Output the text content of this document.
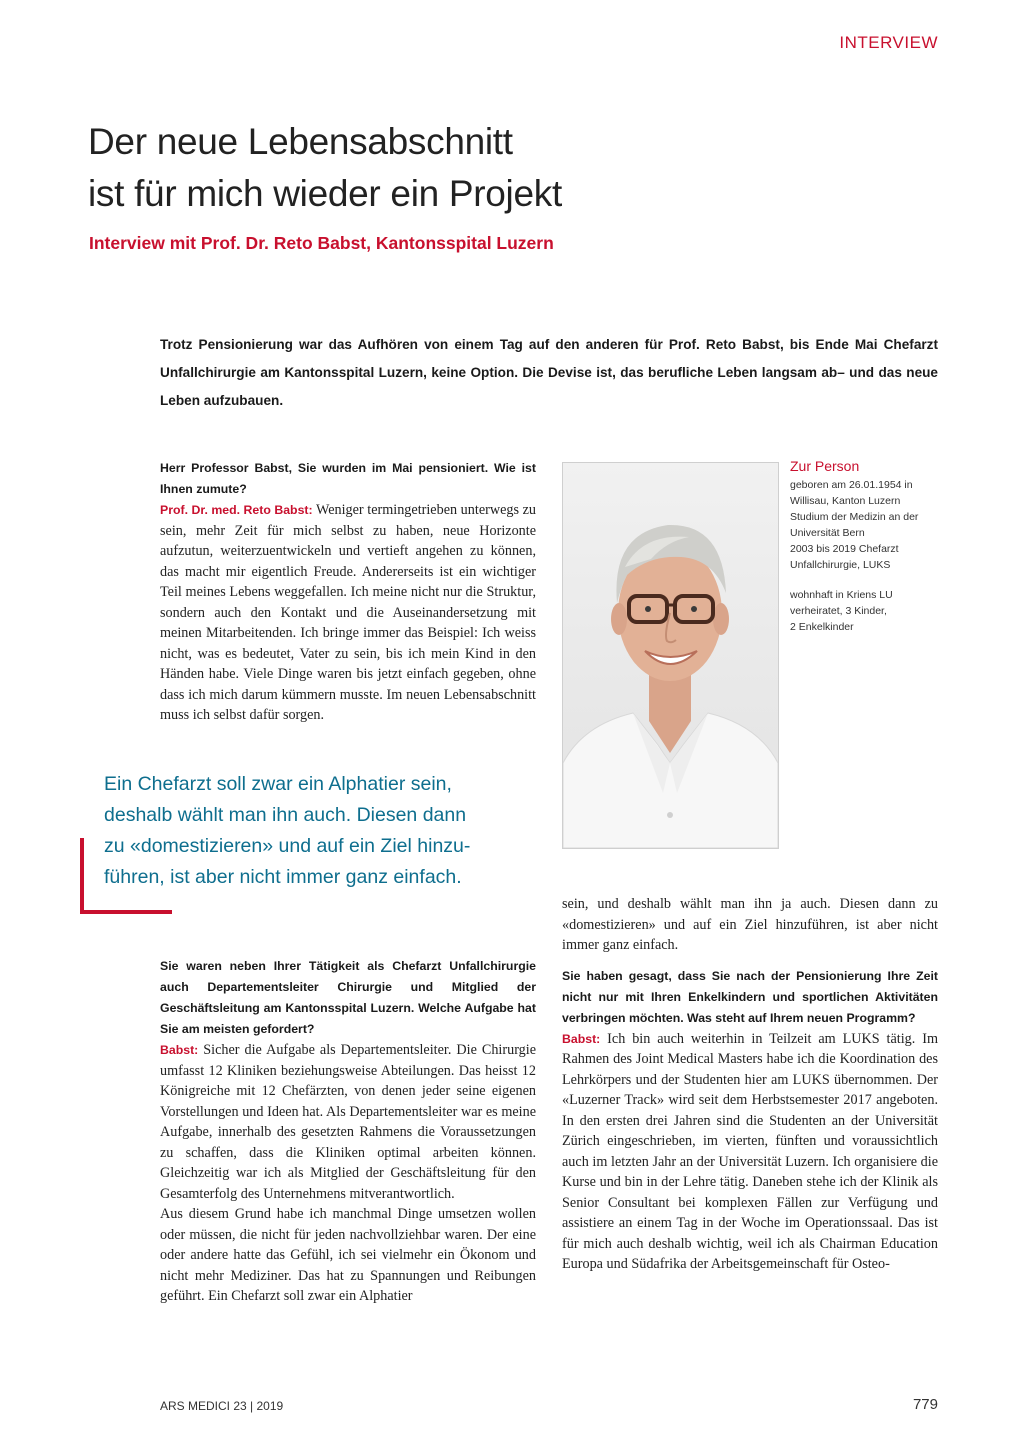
INTERVIEW
Der neue Lebensabschnitt
ist für mich wieder ein Projekt
Interview mit Prof. Dr. Reto Babst, Kantonsspital Luzern
Trotz Pensionierung war das Aufhören von einem Tag auf den anderen für Prof. Reto Babst, bis Ende Mai Chefarzt Unfallchirurgie am Kantonsspital Luzern, keine Option. Die Devise ist, das berufliche Leben langsam ab– und das neue Leben aufzubauen.

Herr Professor Babst, Sie wurden im Mai pensioniert. Wie ist Ihnen zumute?

Prof. Dr. med. Reto Babst: Weniger termingetrieben unterwegs zu sein, mehr Zeit für mich selbst zu haben, neue Horizonte aufzutun, weiterzuentwickeln und vertieft angehen zu können, das macht mir eigentlich Freude. Andererseits ist ein wichtiger Teil meines Lebens weggefallen. Ich meine nicht nur die Struktur, sondern auch den Kontakt und die Auseinandersetzung mit meinen Mitarbeitenden. Ich bringe immer das Beispiel: Ich weiss nicht, was es bedeutet, Vater zu sein, bis ich mein Kind in den Händen habe. Viele Dinge waren bis jetzt einfach gegeben, ohne dass ich mich darum kümmern musste. Im neuen Lebensabschnitt muss ich selbst dafür sorgen.

Zur Person
geboren am 26.01.1954 in
Willisau, Kanton Luzern
Studium der Medizin an der
Universität Bern
2003 bis 2019 Chefarzt
Unfallchirurgie, LUKS
wohnhaft in Kriens LU
verheiratet, 3 Kinder,
2 Enkelkinder
Ein Chefarzt soll zwar ein Alphatier sein,
deshalb wählt man ihn auch. Diesen dann
zu «domestizieren» und auf ein Ziel hinzu-
führen, ist aber nicht immer ganz einfach.

Sie waren neben Ihrer Tätigkeit als Chefarzt Unfallchirurgie auch Departementsleiter Chirurgie und Mitglied der Geschäftsleitung am Kantonsspital Luzern. Welche Aufgabe hat Sie am meisten gefordert?

Babst: Sicher die Aufgabe als Departementsleiter. Die Chirurgie umfasst 12 Kliniken beziehungsweise Abteilungen. Das heisst 12 Königreiche mit 12 Chefärzten, von denen jeder seine eigenen Vorstellungen und Ideen hat. Als Departementsleiter war es meine Aufgabe, innerhalb des gesetzten Rahmens die Voraussetzungen zu schaffen, dass die Kliniken optimal arbeiten können. Gleichzeitig war ich als Mitglied der Geschäftsleitung für den Gesamterfolg des Unternehmens mitverantwortlich.

Aus diesem Grund habe ich manchmal Dinge umsetzen wollen oder müssen, die nicht für jeden nachvollziehbar waren. Der eine oder andere hatte das Gefühl, ich sei vielmehr ein Ökonom und nicht mehr Mediziner. Das hat zu Spannungen und Reibungen geführt. Ein Chefarzt soll zwar ein Alphatier

sein, und deshalb wählt man ihn ja auch. Diesen dann zu «domestizieren» und auf ein Ziel hinzuführen, ist aber nicht immer ganz einfach.

Sie haben gesagt, dass Sie nach der Pensionierung Ihre Zeit nicht nur mit Ihren Enkelkindern und sportlichen Aktivitäten verbringen möchten. Was steht auf Ihrem neuen Programm?

Babst: Ich bin auch weiterhin in Teilzeit am LUKS tätig. Im Rahmen des Joint Medical Masters habe ich die Koordination des Lehrkörpers und der Studenten hier am LUKS übernommen. Der «Luzerner Track» wird seit dem Herbstsemester 2017 angeboten. In den ersten drei Jahren sind die Studenten an der Universität Zürich eingeschrieben, im vierten, fünften und voraussichtlich auch im letzten Jahr an der Universität Luzern. Ich organisiere die Kurse und bin in der Lehre tätig. Daneben stehe ich der Klinik als Senior Consultant bei komplexen Fällen zur Verfügung und assistiere an einem Tag in der Woche im Operationssaal. Das ist für mich auch deshalb wichtig, weil ich als Chairman Education Europa und Südafrika der Arbeitsgemeinschaft für Osteo-

ARS MEDICI 23 | 2019	779
